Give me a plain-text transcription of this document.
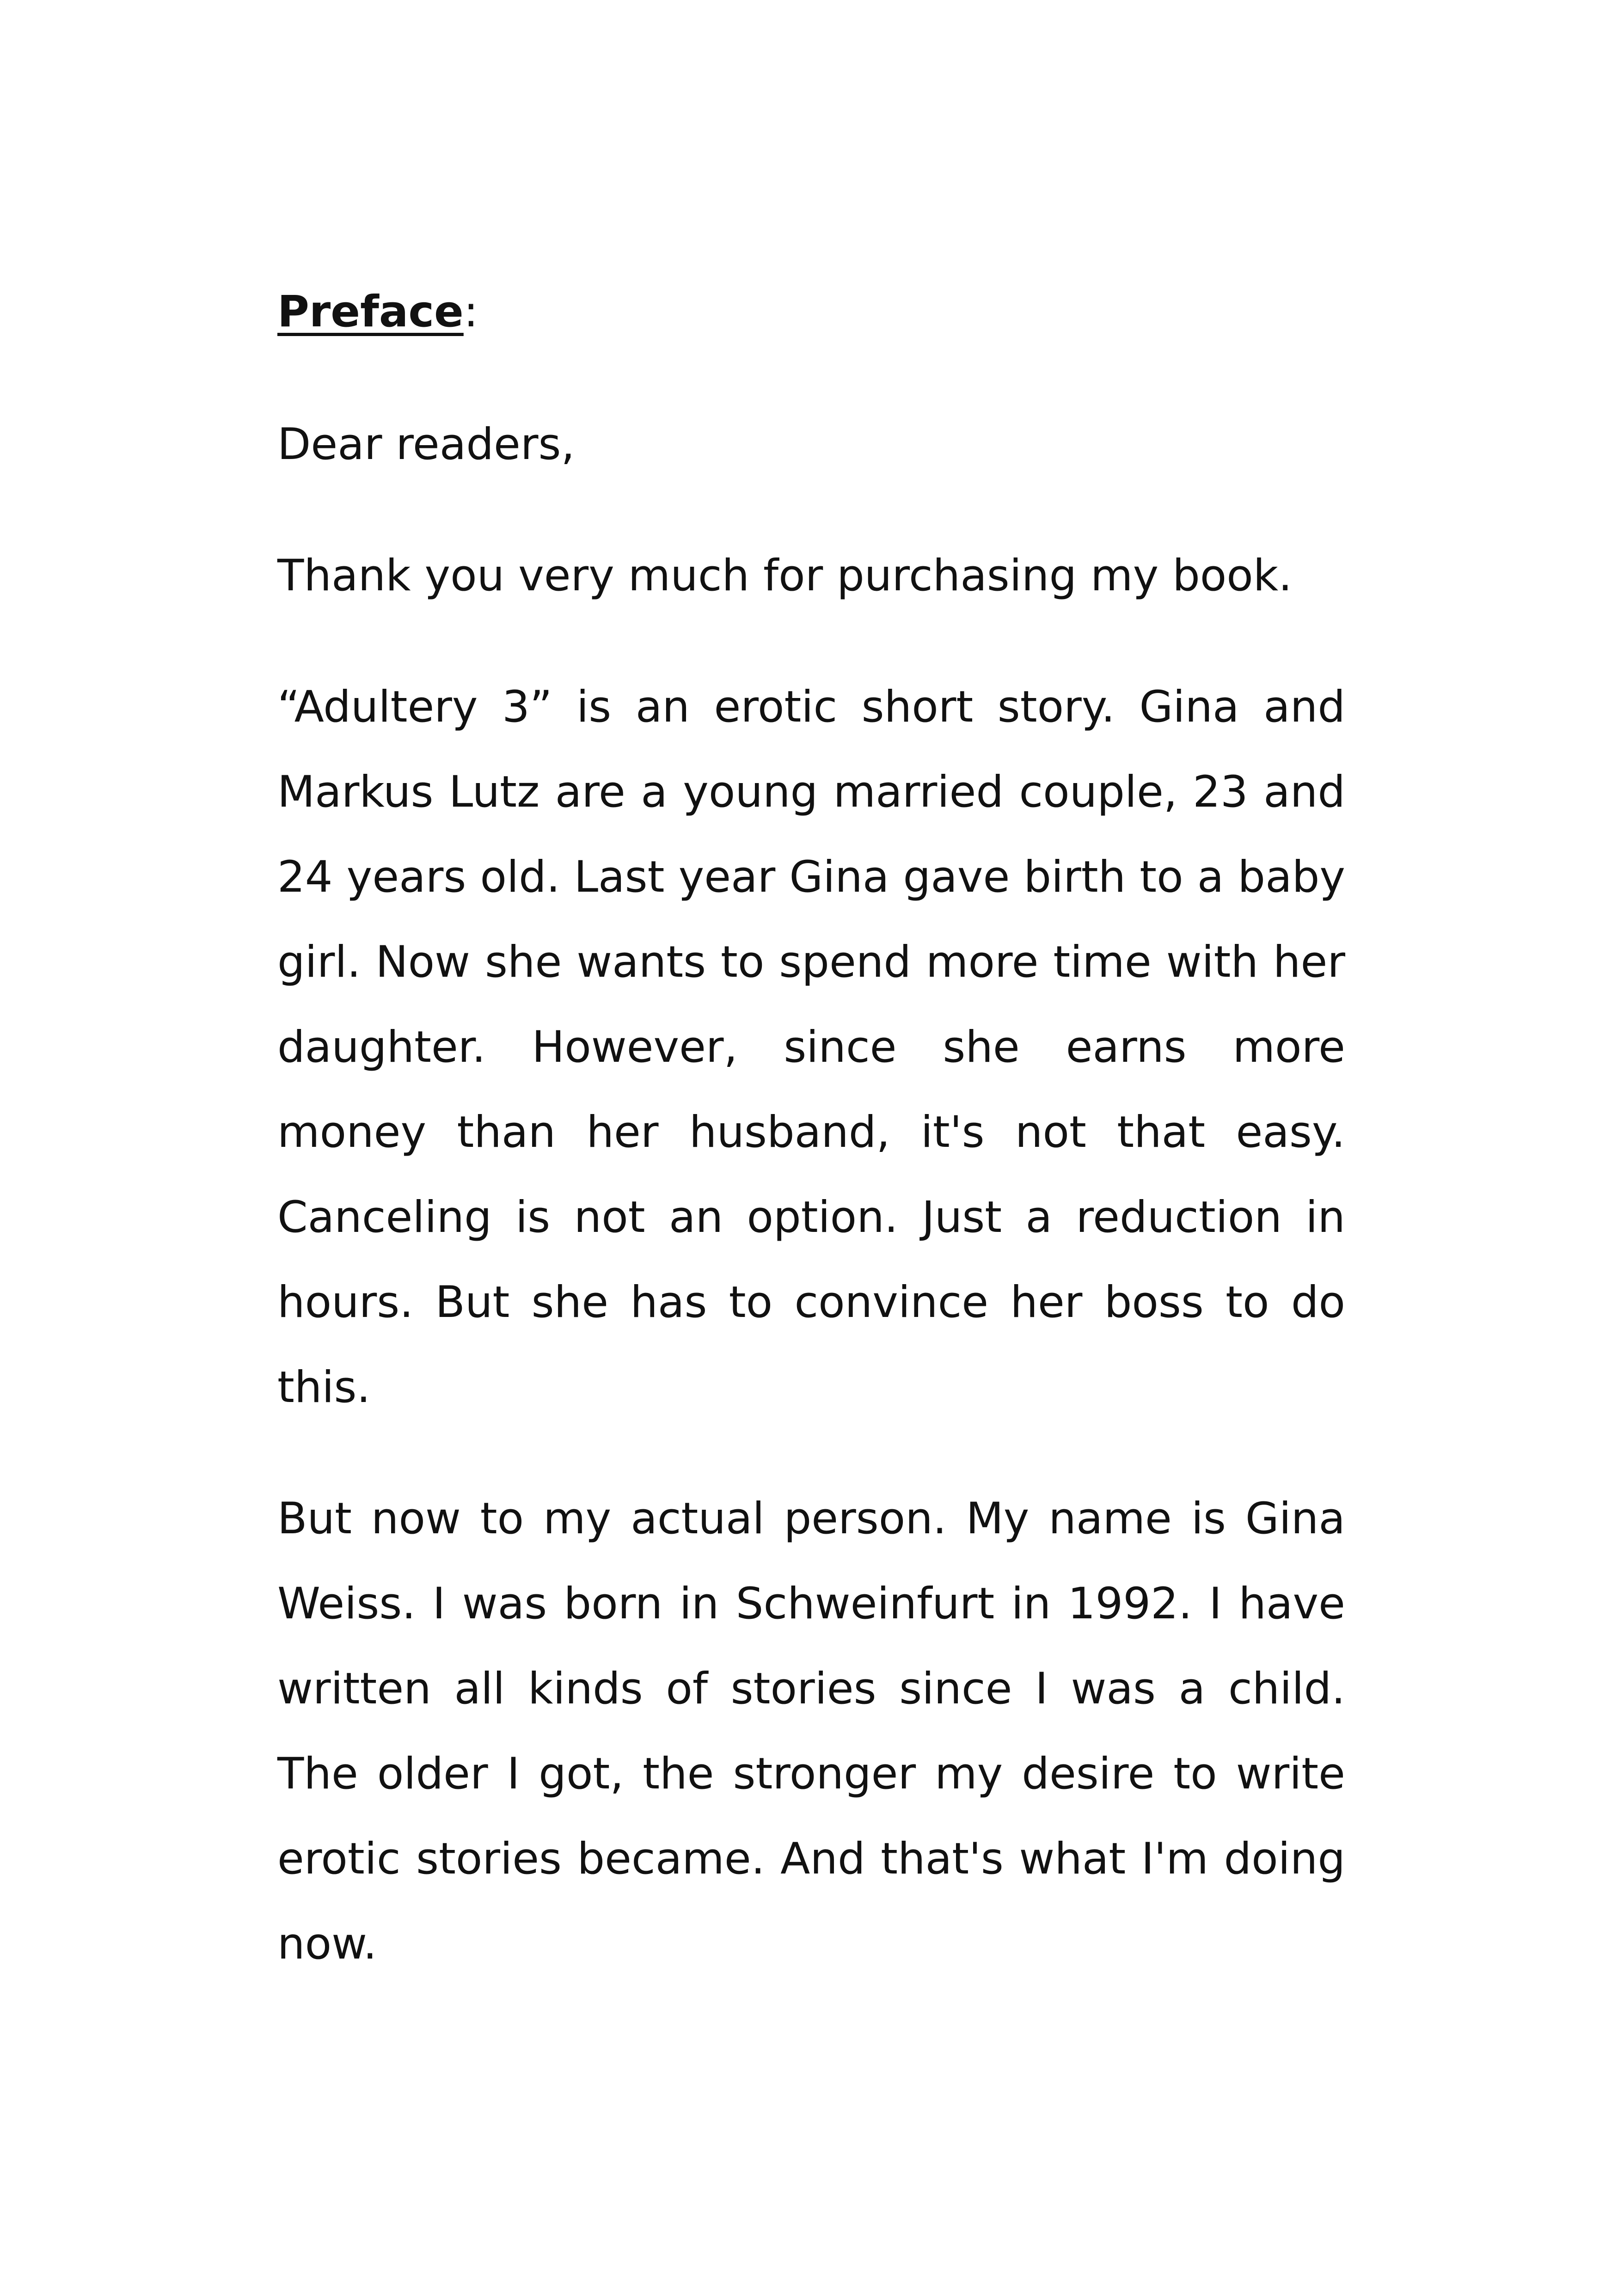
Preface:

Dear readers,

Thank you very much for purchasing my book.

“Adultery 3” is an erotic short story. Gina and Markus Lutz are a young married couple, 23 and 24 years old. Last year Gina gave birth to a baby girl. Now she wants to spend more time with her daughter. However, since she earns more money than her husband, it's not that easy. Canceling is not an option. Just a reduction in hours. But she has to convince her boss to do this.

But now to my actual person. My name is Gina Weiss. I was born in Schweinfurt in 1992. I have written all kinds of stories since I was a child. The older I got, the stronger my desire to write erotic stories became. And that's what I'm doing now.
